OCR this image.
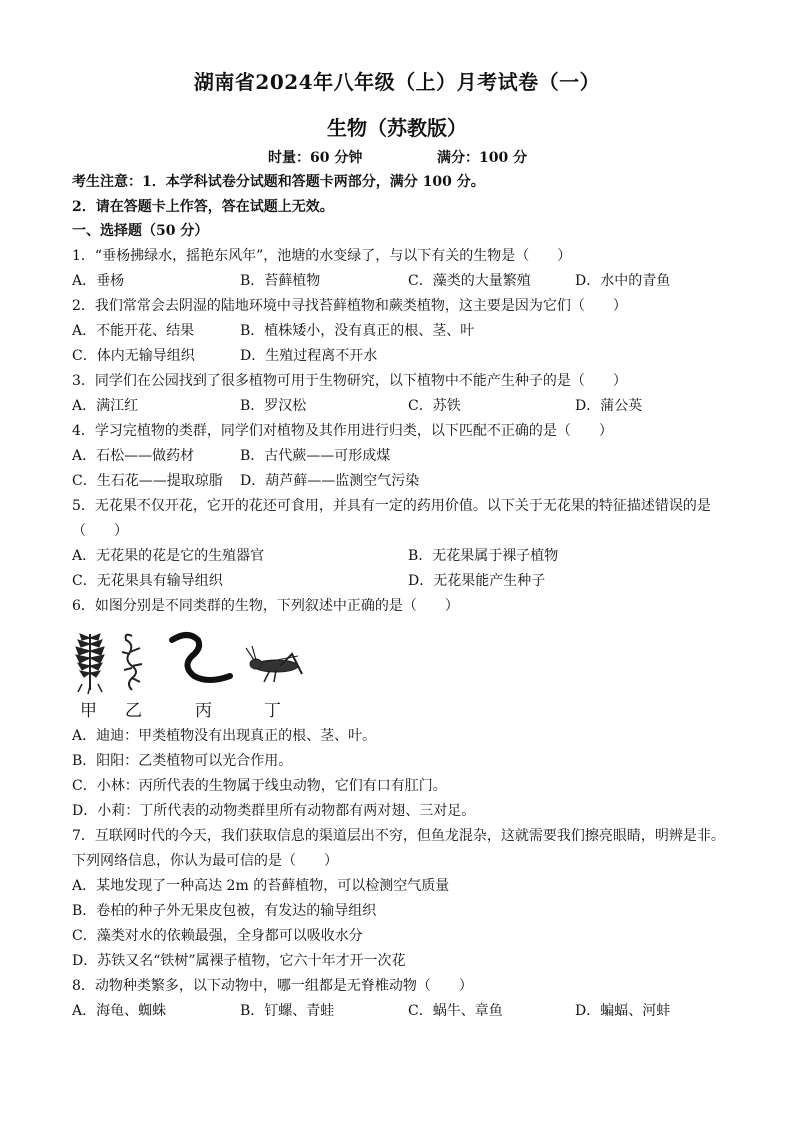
湖南省2024年八年级（上）月考试卷（一）
生物（苏教版）
时量：60 分钟	满分：100 分
考生注意：1．本学科试卷分试题和答题卡两部分，满分 100 分。
2．请在答题卡上作答，答在试题上无效。
一、选择题（50 分）
1．“垂杨拂绿水，摇艳东风年”，池塘的水变绿了，与以下有关的生物是（　　）
A．垂杨	B．苔藓植物	C．藻类的大量繁殖	D．水中的青鱼
2．我们常常会去阴湿的陆地环境中寻找苔藓植物和蕨类植物，这主要是因为它们（　　）
A．不能开花、结果	B．植株矮小，没有真正的根、茎、叶
C．体内无输导组织	D．生殖过程离不开水
3．同学们在公园找到了很多植物可用于生物研究，以下植物中不能产生种子的是（　　）
A．满江红	B．罗汉松	C．苏铁	D．蒲公英
4．学习完植物的类群，同学们对植物及其作用进行归类，以下匹配不正确的是（　　）
A．石松——做药材	B．古代蕨——可形成煤
C．生石花——提取琼脂 D．葫芦藓——监测空气污染
5．无花果不仅开花，它开的花还可食用，并具有一定的药用价值。以下关于无花果的特征描述错误的是
（　　）
A．无花果的花是它的生殖器官	B．无花果属于裸子植物
C．无花果具有输导组织	D．无花果能产生种子
6．如图分别是不同类群的生物，下列叙述中正确的是（　　）
甲 乙	丙	丁
A．迪迪：甲类植物没有出现真正的根、茎、叶。
B．阳阳：乙类植物可以光合作用。
C．小林：丙所代表的生物属于线虫动物，它们有口有肛门。
D．小莉：丁所代表的动物类群里所有动物都有两对翅、三对足。
7．互联网时代的今天，我们获取信息的渠道层出不穷，但鱼龙混杂，这就需要我们擦亮眼睛，明辨是非。
下列网络信息，你认为最可信的是（　　）
A．某地发现了一种高达 2m 的苔藓植物，可以检测空气质量
B．卷柏的种子外无果皮包被，有发达的输导组织
C．藻类对水的依赖最强，全身都可以吸收水分
D．苏铁又名“铁树”属裸子植物，它六十年才开一次花
8．动物种类繁多，以下动物中，哪一组都是无脊椎动物（　　）
A．海龟、蜘蛛	B．钉螺、青蛙	C．蜗牛、章鱼	D．蝙蝠、河蚌
